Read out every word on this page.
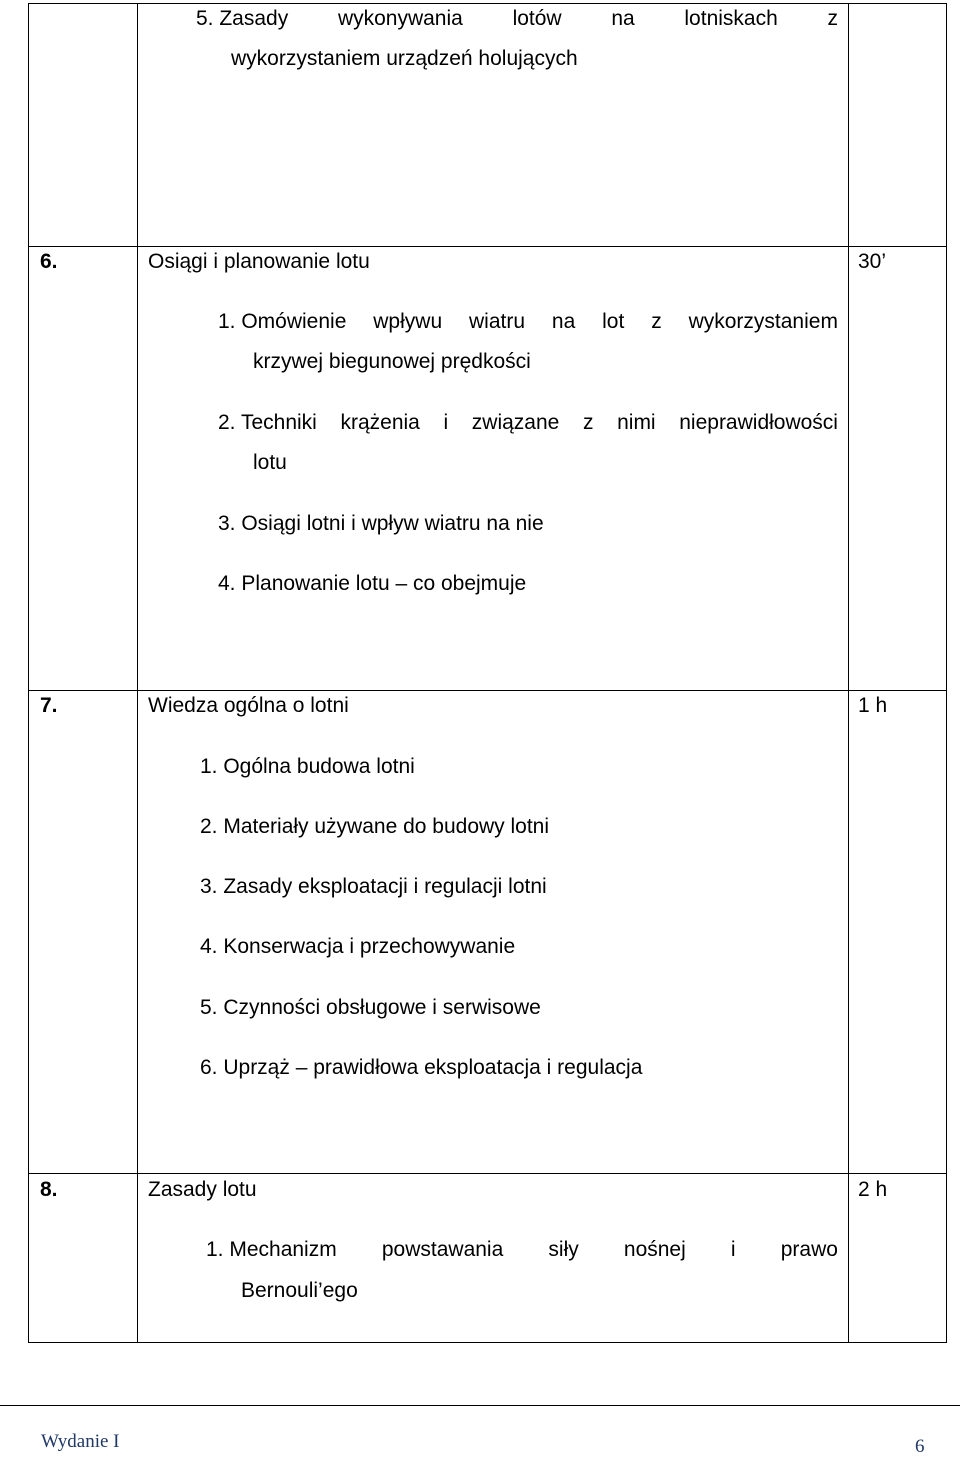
5. Zasady wykonywania lotów na lotniskach z
wykorzystaniem urządzeń holujących
6.	Osiągi i planowanie lotu	30’
1. Omówienie wpływu wiatru na lot z wykorzystaniem
krzywej biegunowej prędkości
2. Techniki krążenia i związane z nimi nieprawidłowości
lotu
3. Osiągi lotni i wpływ wiatru na nie
4. Planowanie lotu – co obejmuje
7.	Wiedza ogólna o lotni	1 h
1. Ogólna budowa lotni
2. Materiały używane do budowy lotni
3. Zasady eksploatacji i regulacji lotni
4. Konserwacja i przechowywanie
5. Czynności obsługowe i serwisowe
6. Uprząż – prawidłowa eksploatacja i regulacja
8.	Zasady lotu	2 h
1. Mechanizm powstawania siły nośnej i prawo
Bernouli’ego
Wydanie I	6
